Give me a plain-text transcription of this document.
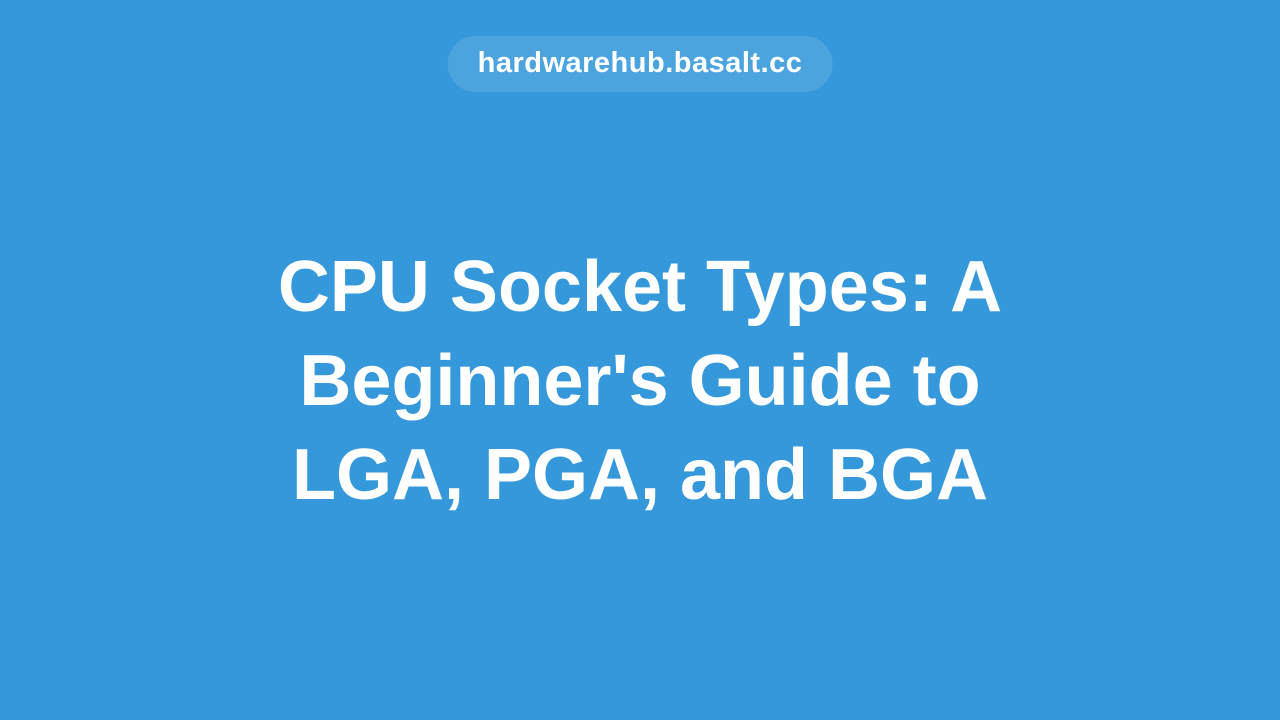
hardwarehub.basalt.cc
CPU Socket Types: A
Beginner's Guide to
LGA, PGA, and BGA
